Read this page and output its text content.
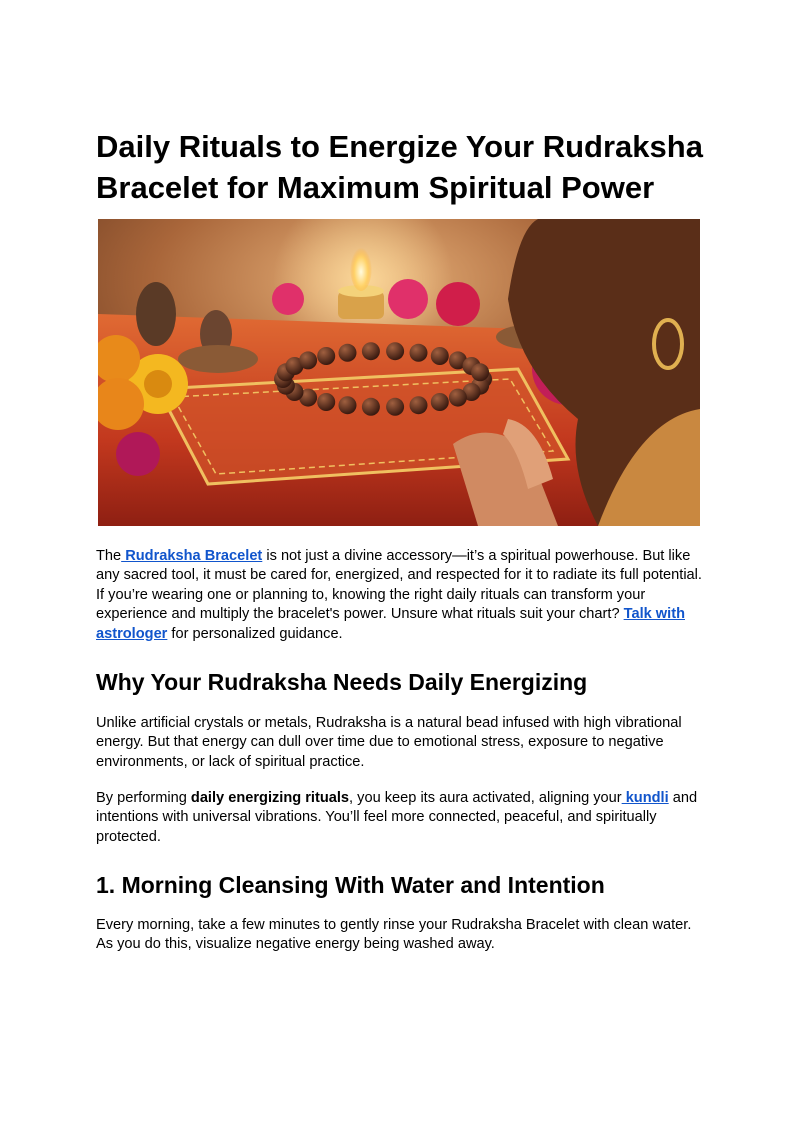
Daily Rituals to Energize Your Rudraksha Bracelet for Maximum Spiritual Power

The Rudraksha Bracelet is not just a divine accessory—it’s a spiritual powerhouse. But like any sacred tool, it must be cared for, energized, and respected for it to radiate its full potential. If you’re wearing one or planning to, knowing the right daily rituals can transform your experience and multiply the bracelet's power. Unsure what rituals suit your chart? Talk with astrologer for personalized guidance.

Why Your Rudraksha Needs Daily Energizing

Unlike artificial crystals or metals, Rudraksha is a natural bead infused with high vibrational energy. But that energy can dull over time due to emotional stress, exposure to negative environments, or lack of spiritual practice.

By performing daily energizing rituals, you keep its aura activated, aligning your kundli and intentions with universal vibrations. You’ll feel more connected, peaceful, and spiritually protected.

1. Morning Cleansing With Water and Intention

Every morning, take a few minutes to gently rinse your Rudraksha Bracelet with clean water. As you do this, visualize negative energy being washed away.
